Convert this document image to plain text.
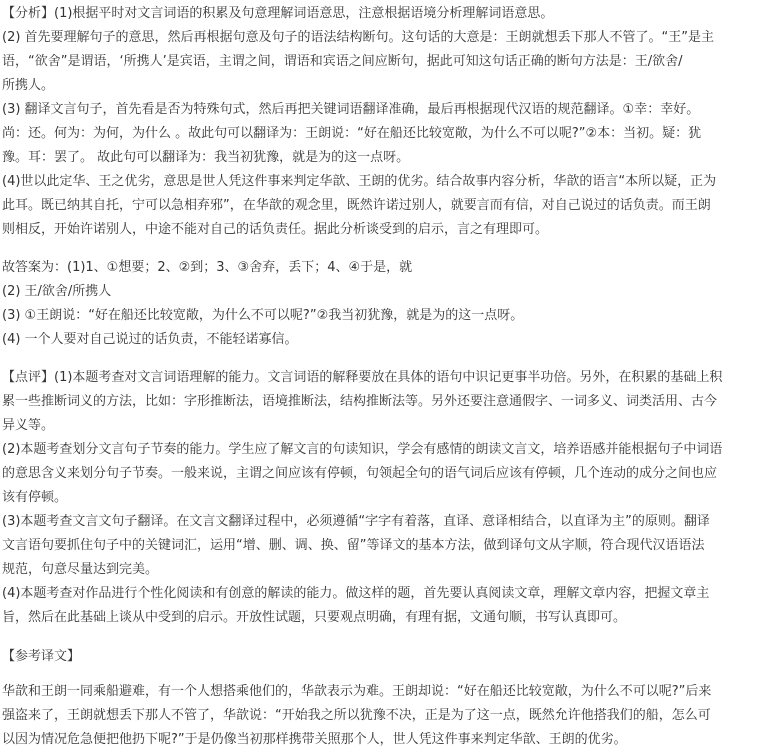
【分析】(1)根据平时对文言词语的积累及句意理解词语意思，注意根据语境分析理解词语意思。
(2) 首先要理解句子的意思，然后再根据句意及句子的语法结构断句。这句话的大意是：王朗就想丢下那人不管了。“王”是主
语，“欲舍”是谓语，‘所携人’是宾语，主谓之间，谓语和宾语之间应断句，据此可知这句话正确的断句方法是：王/欲舍/
所携人。
(3) 翻译文言句子，首先看是否为特殊句式，然后再把关键词语翻译准确，最后再根据现代汉语的规范翻译。①幸：幸好。
尚：还。何为：为何，为什么 。故此句可以翻译为：王朗说：“好在船还比较宽敞，为什么不可以呢?”②本：当初。疑：犹
豫。耳：罢了。 故此句可以翻译为：我当初犹豫，就是为的这一点呀。
(4)世以此定华、王之优劣，意思是世人凭这件事来判定华歆、王朗的优劣。结合故事内容分析，华歆的语言“本所以疑，正为
此耳。既已纳其自托，宁可以急相弃邪”，在华歆的观念里，既然许诺过别人，就要言而有信，对自己说过的话负责。而王朗
则相反，开始许诺别人，中途不能对自己的话负责任。据此分析谈受到的启示，言之有理即可。
故答案为：(1)1、①想要；2、②到；3、③舍弃，丢下；4、④于是，就
(2) 王/欲舍/所携人
(3) ①王朗说：“好在船还比较宽敞，为什么不可以呢?”②我当初犹豫，就是为的这一点呀。
(4) 一个人要对自己说过的话负责，不能轻诺寡信。
【点评】(1)本题考查对文言词语理解的能力。文言词语的解释要放在具体的语句中识记更事半功倍。另外，在积累的基础上积
累一些推断词义的方法，比如：字形推断法，语境推断法，结构推断法等。另外还要注意通假字、一词多义、词类活用、古今
异义等。
(2)本题考查划分文言句子节奏的能力。学生应了解文言的句读知识，学会有感情的朗读文言文，培养语感并能根据句子中词语
的意思含义来划分句子节奏。一般来说，主谓之间应该有停顿，句领起全句的语气词后应该有停顿，几个连动的成分之间也应
该有停顿。
(3)本题考查文言文句子翻译。在文言文翻译过程中，必须遵循“字字有着落，直译、意译相结合，以直译为主”的原则。翻译
文言语句要抓住句子中的关键词汇，运用“增、删、调、换、留”等译文的基本方法，做到译句文从字顺，符合现代汉语语法
规范，句意尽量达到完美。
(4)本题考查对作品进行个性化阅读和有创意的解读的能力。做这样的题，首先要认真阅读文章，理解文章内容，把握文章主
旨，然后在此基础上谈从中受到的启示。开放性试题，只要观点明确，有理有据，文通句顺，书写认真即可。
【参考译文】
华歆和王朗一同乘船避难，有一个人想搭乘他们的，华歆表示为难。王朗却说：“好在船还比较宽敞，为什么不可以呢?”后来
强盗来了，王朗就想丢下那人不管了，华歆说：“开始我之所以犹豫不决，正是为了这一点，既然允许他搭我们的船，怎么可
以因为情况危急便把他扔下呢?”于是仍像当初那样携带关照那个人，世人凭这件事来判定华歆、王朗的优劣。
